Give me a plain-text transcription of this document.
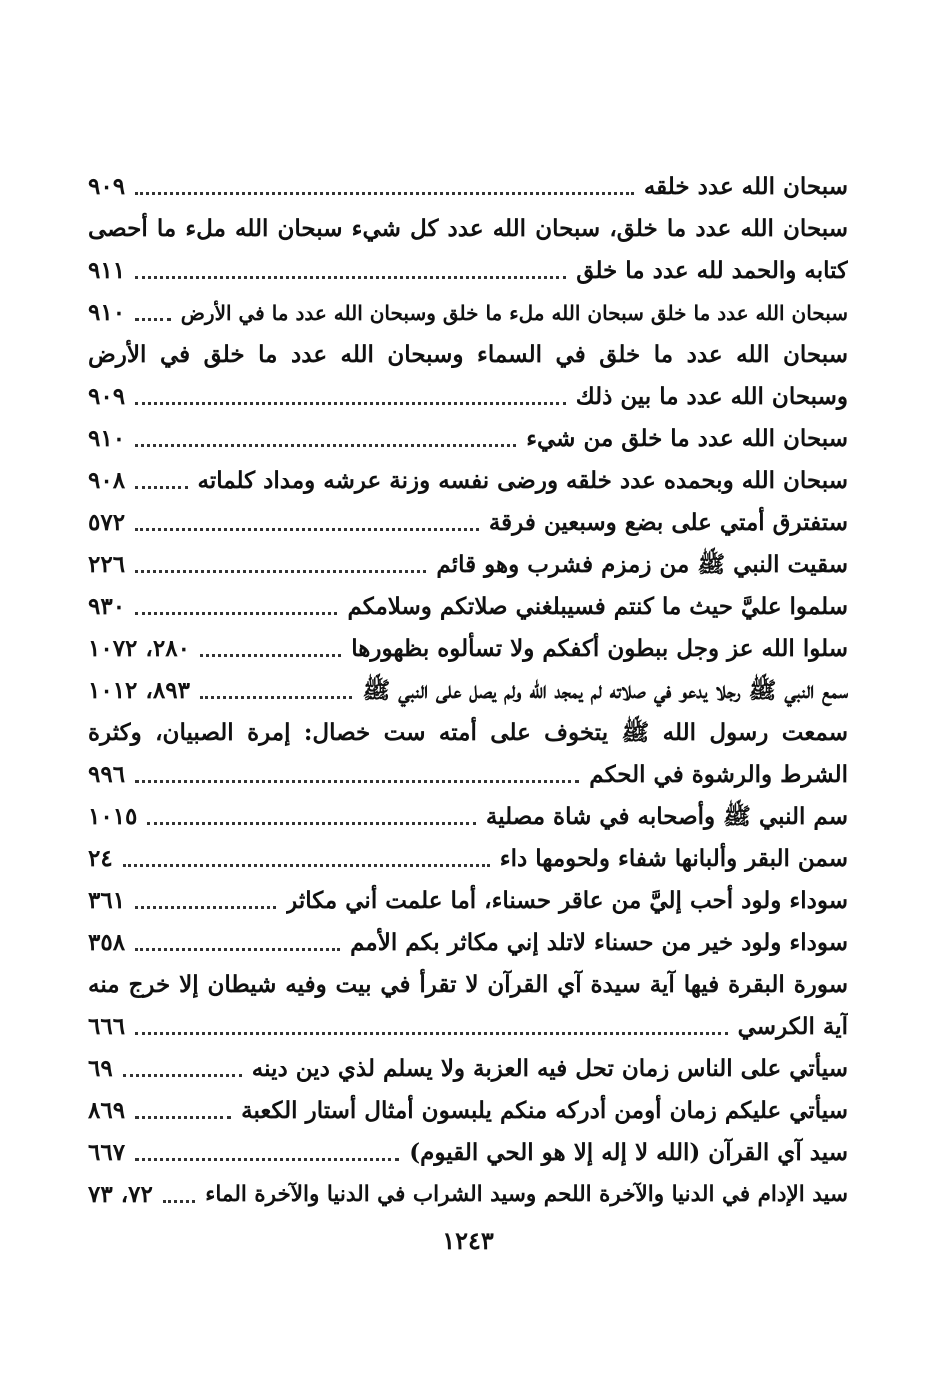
سبحان الله عدد خلقه
٩٠٩
سبحان الله عدد ما خلق، سبحان الله عدد كل شيء سبحان الله ملء ما أحصى
كتابه والحمد لله عدد ما خلق
٩١١
سبحان الله عدد ما خلق سبحان الله ملء ما خلق وسبحان الله عدد ما في الأرض
٩١٠
سبحان الله عدد ما خلق في السماء وسبحان الله عدد ما خلق في الأرض
وسبحان الله عدد ما بين ذلك
٩٠٩
سبحان الله عدد ما خلق من شيء
٩١٠
سبحان الله وبحمده عدد خلقه ورضى نفسه وزنة عرشه ومداد كلماته
٩٠٨
ستفترق أمتي على بضع وسبعين فرقة
٥٧٢
سقيت النبي ﷺ من زمزم فشرب وهو قائم
٢٢٦
سلموا عليَّ حيث ما كنتم فسيبلغني صلاتكم وسلامكم
٩٣٠
سلوا الله عز وجل ببطون أكفكم ولا تسألوه بظهورها
٢٨٠، ١٠٧٢
سمع النبي ﷺ رجلا يدعو في صلاته لم يمجد الله ولم يصل على النبي ﷺ
٨٩٣، ١٠١٢
سمعت رسول الله ﷺ يتخوف على أمته ست خصال: إمرة الصبيان، وكثرة
الشرط والرشوة في الحكم
٩٩٦
سم النبي ﷺ وأصحابه في شاة مصلية
١٠١٥
سمن البقر وألبانها شفاء ولحومها داء
٢٤
سوداء ولود أحب إليَّ من عاقر حسناء، أما علمت أني مكاثر
٣٦١
سوداء ولود خير من حسناء لاتلد إني مكاثر بكم الأمم
٣٥٨
سورة البقرة فيها آية سيدة آي القرآن لا تقرأ في بيت وفيه شيطان إلا خرج منه
آية الكرسي
٦٦٦
سيأتي على الناس زمان تحل فيه العزبة ولا يسلم لذي دين دينه
٦٩
سيأتي عليكم زمان أومن أدركه منكم يلبسون أمثال أستار الكعبة
٨٦٩
سيد آي القرآن (الله لا إله إلا هو الحي القيوم)
٦٦٧
سيد الإدام في الدنيا والآخرة اللحم وسيد الشراب في الدنيا والآخرة الماء
٧٢، ٧٣
١٢٤٣
